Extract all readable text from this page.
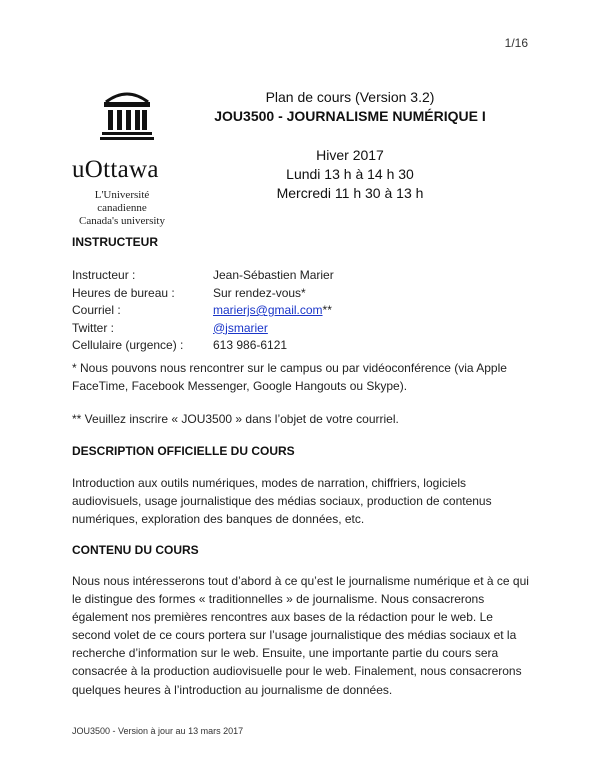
1/16
uOttawa
L'Université canadienne
Canada's university
Plan de cours (Version 3.2)
JOU3500 - JOURNALISME NUMÉRIQUE I
Hiver 2017
Lundi 13 h à 14 h 30
Mercredi 11 h 30 à 13 h
INSTRUCTEUR
Instructeur :	Jean-Sébastien Marier
Heures de bureau :	Sur rendez-vous*
Courriel :	marierjs@gmail.com**
Twitter :	@jsmarier
Cellulaire (urgence) :	613 986-6121

* Nous pouvons nous rencontrer sur le campus ou par vidéoconférence (via Apple FaceTime, Facebook Messenger, Google Hangouts ou Skype).

** Veuillez inscrire « JOU3500 » dans l’objet de votre courriel.

DESCRIPTION OFFICIELLE DU COURS

Introduction aux outils numériques, modes de narration, chiffriers, logiciels audiovisuels, usage journalistique des médias sociaux, production de contenus numériques, exploration des banques de données, etc.

CONTENU DU COURS

Nous nous intéresserons tout d’abord à ce qu’est le journalisme numérique et à ce qui le distingue des formes « traditionnelles » de journalisme. Nous consacrerons également nos premières rencontres aux bases de la rédaction pour le web. Le second volet de ce cours portera sur l’usage journalistique des médias sociaux et la recherche d’information sur le web. Ensuite, une importante partie du cours sera consacrée à la production audiovisuelle pour le web. Finalement, nous consacrerons quelques heures à l’introduction au journalisme de données.

JOU3500 - Version à jour au 13 mars 2017
